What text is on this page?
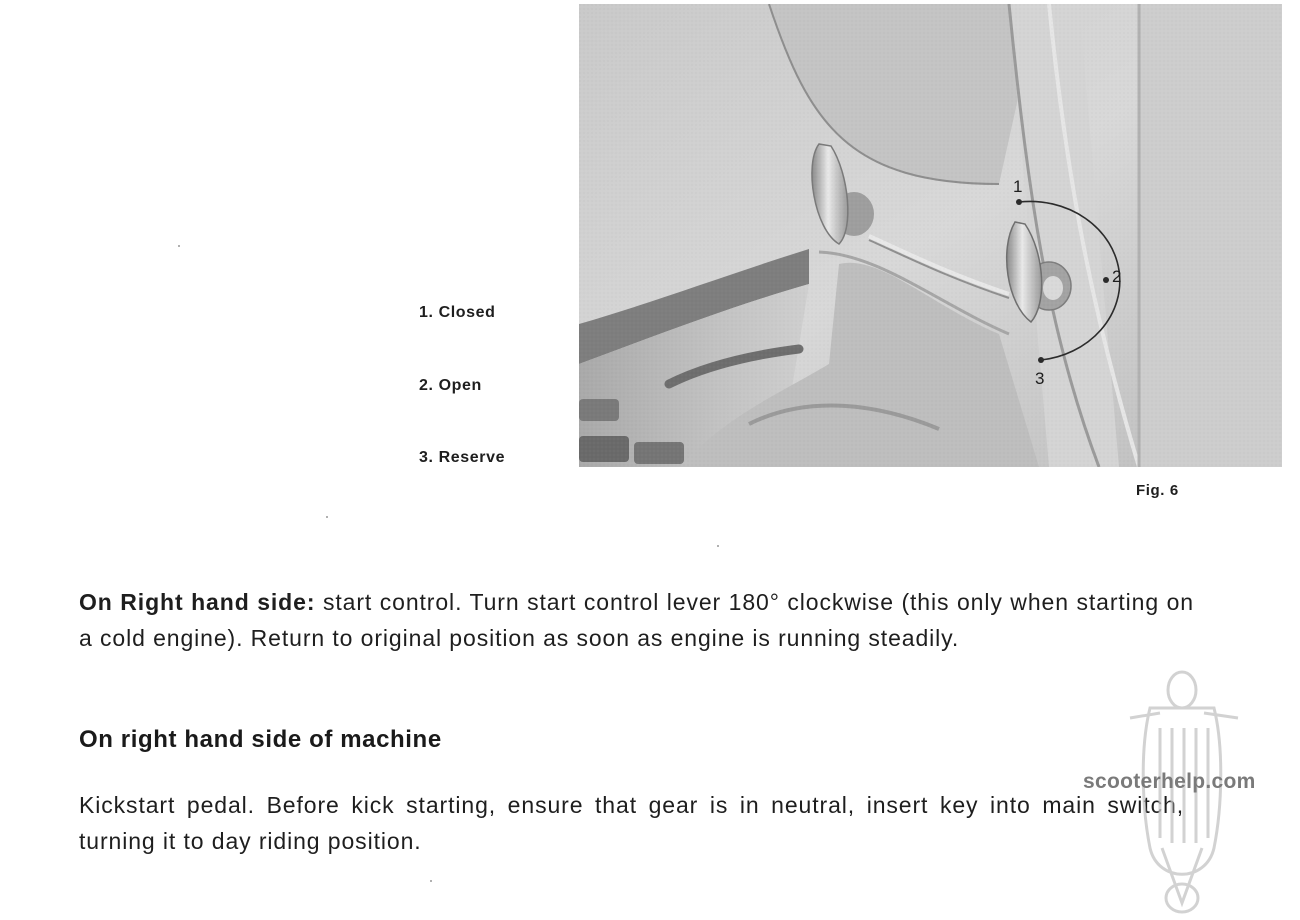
1. Closed
2. Open
3. Reserve
1
2
3
Fig. 6

On Right hand side: start control. Turn start control lever 180° clockwise (this only when starting on a cold engine). Return to original position as soon as engine is running steadily.

On right hand side of machine

Kickstart pedal. Before kick starting, ensure that gear is in neutral, insert key into main switch, turning it to day riding position.

scooterhelp.com
